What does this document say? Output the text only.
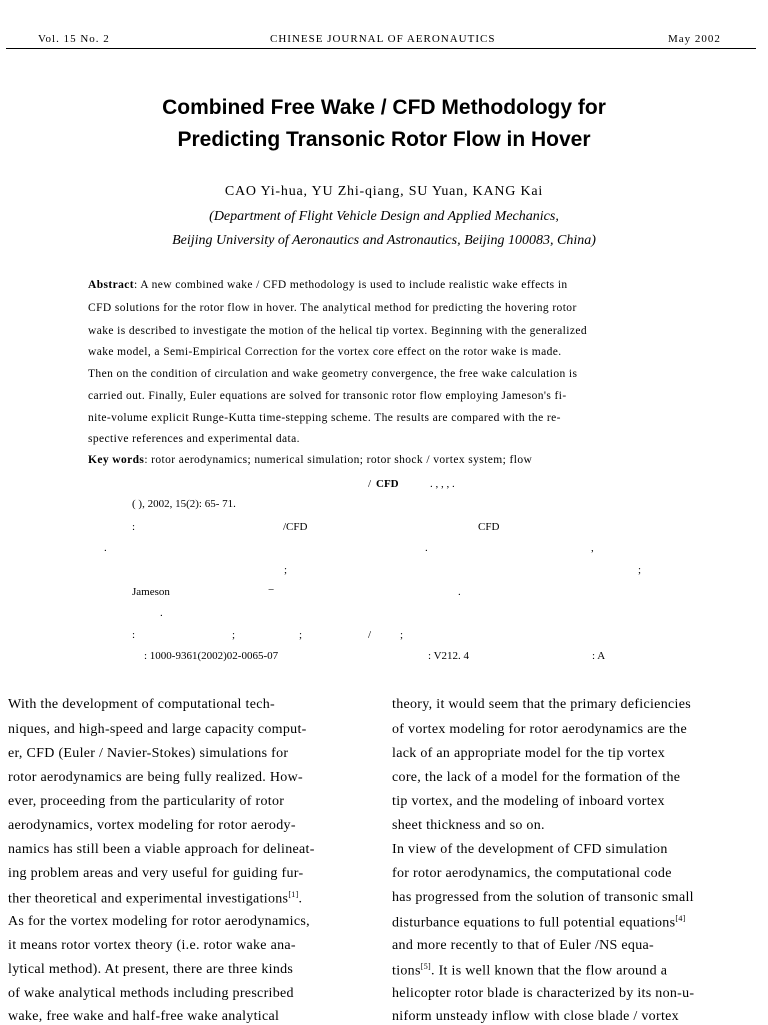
Vol. 15 No. 2	CHINESE JOURNAL OF AERONAUTICS	May 2002
Combined Free Wake / CFD Methodology for
Predicting Transonic Rotor Flow in Hover
CAO Yi-hua, YU Zhi-qiang, SU Yuan, KANG Kai
(Department of Flight Vehicle Design and Applied Mechanics,
Beijing University of Aeronautics and Astronautics, Beijing 100083, China)
Abstract: A new combined wake / CFD methodology is used to include realistic wake effects in
CFD solutions for the rotor flow in hover. The analytical method for predicting the hovering rotor
wake is described to investigate the motion of the helical tip vortex. Beginning with the generalized
wake model, a Semi-Empirical Correction for the vortex core effect on the rotor wake is made.
Then on the condition of circulation and wake geometry convergence, the free wake calculation is
carried out. Finally, Euler equations are solved for transonic rotor flow employing Jameson's fi-
nite-volume explicit Runge-Kutta time-stepping scheme. The results are compared with the re-
spective references and experimental data.
Key words: rotor aerodynamics; numerical simulation; rotor shock / vortex system; flow
/ CFD	. , , , .
( ), 2002, 15(2): 65- 71.
:	/CFD	CFD
.	.	,
;	;
Jameson	−	.
.
:	;	;	/	;
: 1000-9361(2002)02-0065-07	: V212. 4	: A
With the development of computational tech-
niques, and high-speed and large capacity comput-
er, CFD (Euler / Navier-Stokes) simulations for
rotor aerodynamics are being fully realized. How-
ever, proceeding from the particularity of rotor
aerodynamics, vortex modeling for rotor aerody-
namics has still been a viable approach for delineat-
ing problem areas and very useful for guiding fur-
ther theoretical and experimental investigations[1].
As for the vortex modeling for rotor aerodynamics,
it means rotor vortex theory (i.e. rotor wake ana-
lytical method). At present, there are three kinds
of wake analytical methods including prescribed
wake, free wake and half-free wake analytical
theory, it would seem that the primary deficiencies
of vortex modeling for rotor aerodynamics are the
lack of an appropriate model for the tip vortex
core, the lack of a model for the formation of the
tip vortex, and the modeling of inboard vortex
sheet thickness and so on.
In view of the development of CFD simulation
for rotor aerodynamics, the computational code
has progressed from the solution of transonic small
disturbance equations to full potential equations[4]
and more recently to that of Euler /NS equa-
tions[5]. It is well known that the flow around a
helicopter rotor blade is characterized by its non-u-
niform unsteady inflow with close blade / vortex
